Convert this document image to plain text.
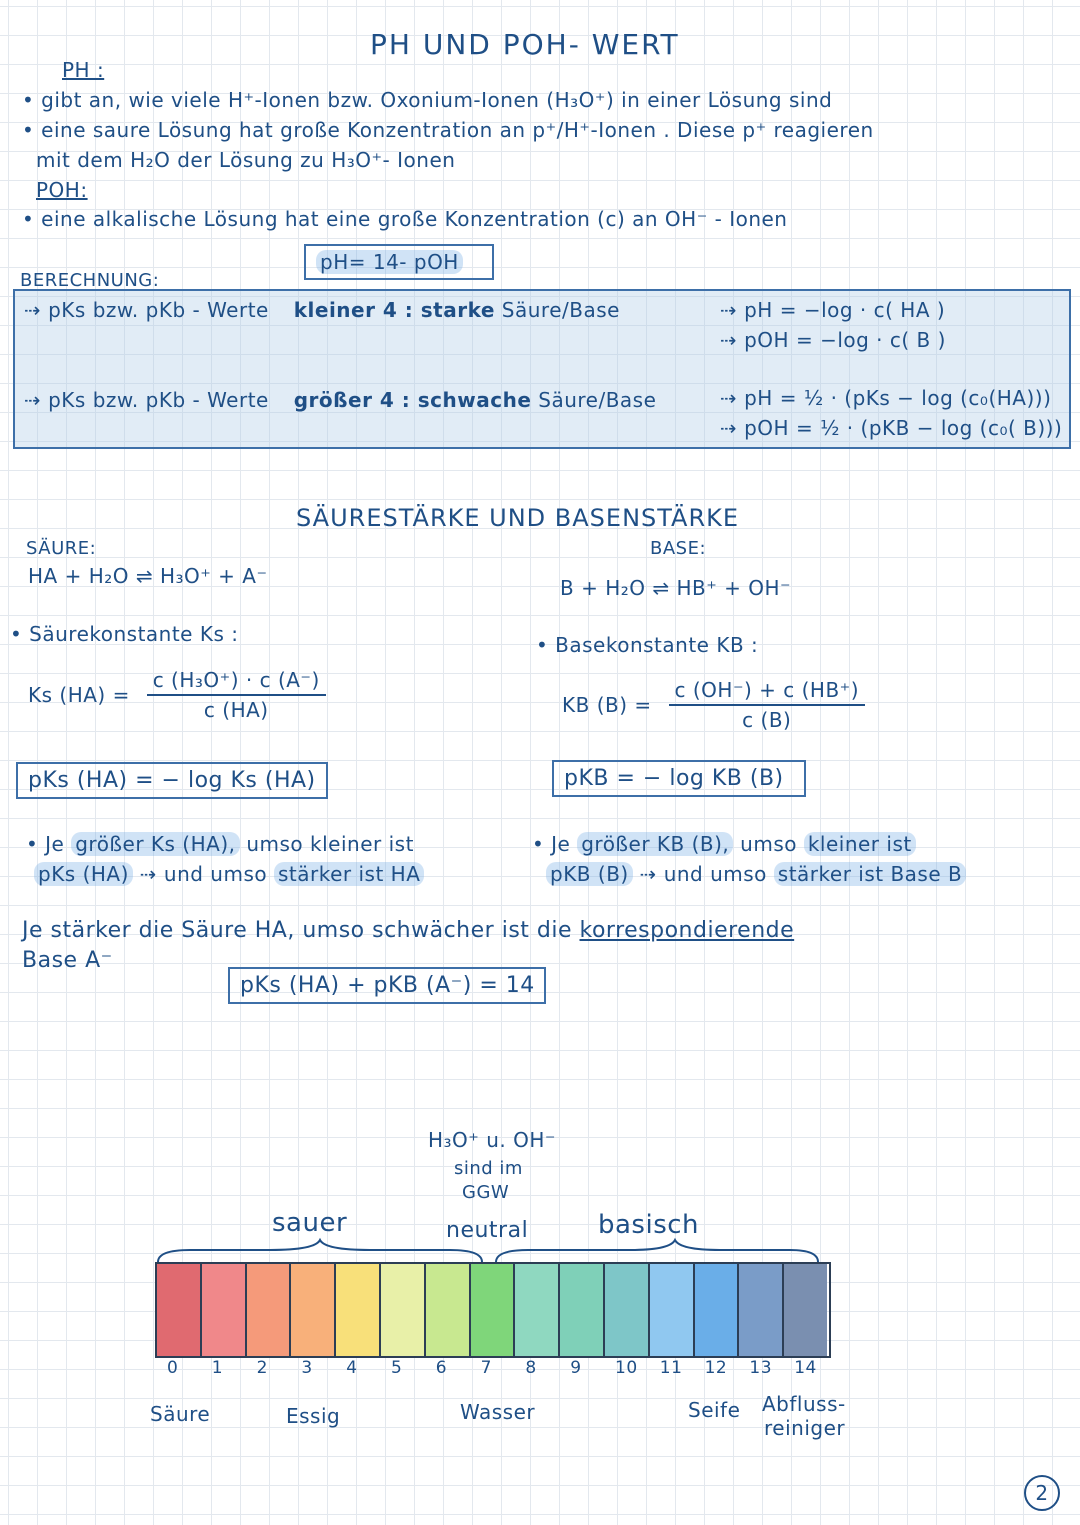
PH UND POH- WERT
PH :
• gibt an, wie viele H⁺-Ionen bzw. Oxonium-Ionen (H₃O⁺) in einer Lösung sind
• eine saure Lösung hat große Konzentration an p⁺/H⁺-Ionen . Diese p⁺ reagieren
mit dem H₂O der Lösung zu H₃O⁺- Ionen
POH:
• eine alkalische Lösung hat eine große Konzentration (c) an OH⁻ - Ionen
pH= 14- pOH
BERECHNUNG:
⇢ pKs bzw. pKb - Werte kleiner 4 : starke Säure/Base	⇢ pH = −log · c( HA )
⇢ pOH = −log · c( B )
⇢ pKs bzw. pKb - Werte größer 4 : schwache Säure/Base	⇢ pH = ½ · (pKs − log (c₀(HA)))
⇢ pOH = ½ · (pKB − log (c₀( B)))
SÄURESTÄRKE UND BASENSTÄRKE
SÄURE:
HA + H₂O ⇌ H₃O⁺ + A⁻
• Säurekonstante Ks :
Ks $(HA) = \frac{\text{c (H₃O⁺) · c (A⁻)}}{c (HA)}$
pKs (HA) = − log Ks (HA)
• Je größer Ks (HA), umso kleiner ist
pKs (HA) ⇢ und umso stärker ist HA
BASE:
B + H₂O ⇌ HB⁺ + OH⁻
• Basekonstante KB :
KB $(B) = \frac{c (OH^-) + c (HB^+)}{c (B)}$
pKB = − log KB (B)
• Je größer KB (B), umso kleiner ist
pKB (B) ⇢ und umso stärker ist Base B
Je stärker die Säure HA, umso schwächer ist die korrespondierende
Base A⁻
pKs (HA) + pKB (A⁻) = 14
H₃O⁺ u. OH⁻
sind im
GGW
sauer	neutral	basisch
0 1 2 3 4 5 6 7 8 9 10 11 12 13 14
Säure	Essig	Wasser	Seife Abfluss-
reiniger
2
